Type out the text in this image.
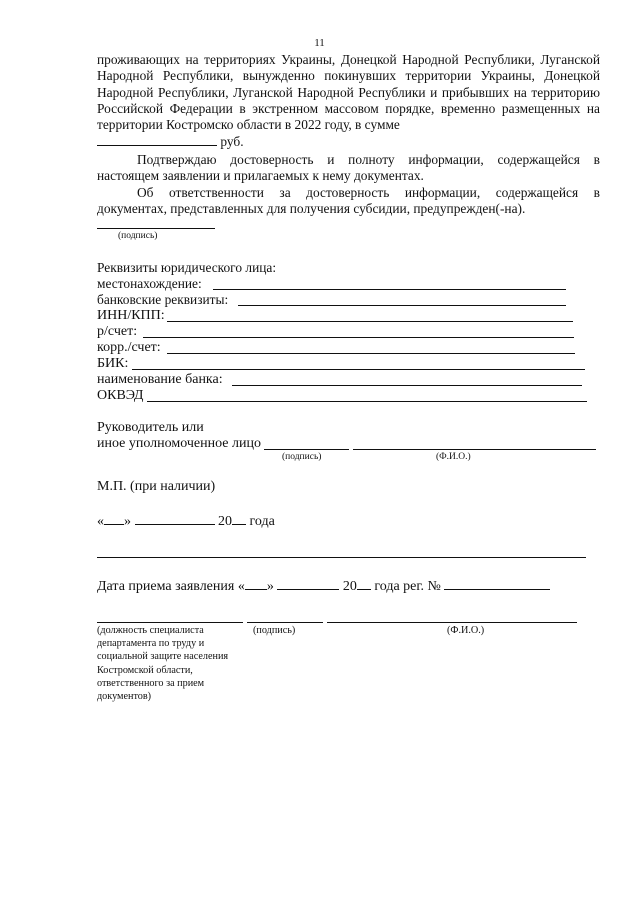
11
проживающих на территориях Украины, Донецкой Народной Республики, Луганской Народной Республики, вынужденно покинувших территории Украины, Донецкой Народной Республики, Луганской Народной Республики и прибывших на территорию Российской Федерации в экстренном массовом порядке, временно размещенных на территории Костромско области в 2022 году, в сумме
руб.
Подтверждаю достоверность и полноту информации, содержащейся в настоящем заявлении и прилагаемых к нему документах.
Об ответственности за достоверность информации, содержащейся в документах, представленных для получения субсидии, предупрежден(-на).
(подпись)
Реквизиты юридического лица:
местонахождение:
банковские реквизиты:
ИНН/КПП:
р/счет:
корр./счет:
БИК:
наименование банка:
ОКВЭД
Руководитель или
иное уполномоченное лицо
(подпись)	(Ф.И.О.)
М.П. (при наличии)
« »	20 года
Дата приема заявления « »	20 года рег. №
(должность специалиста департамента по труду и социальной защите населения Костромской области, ответственного за прием документов)
(подпись)	(Ф.И.О.)
